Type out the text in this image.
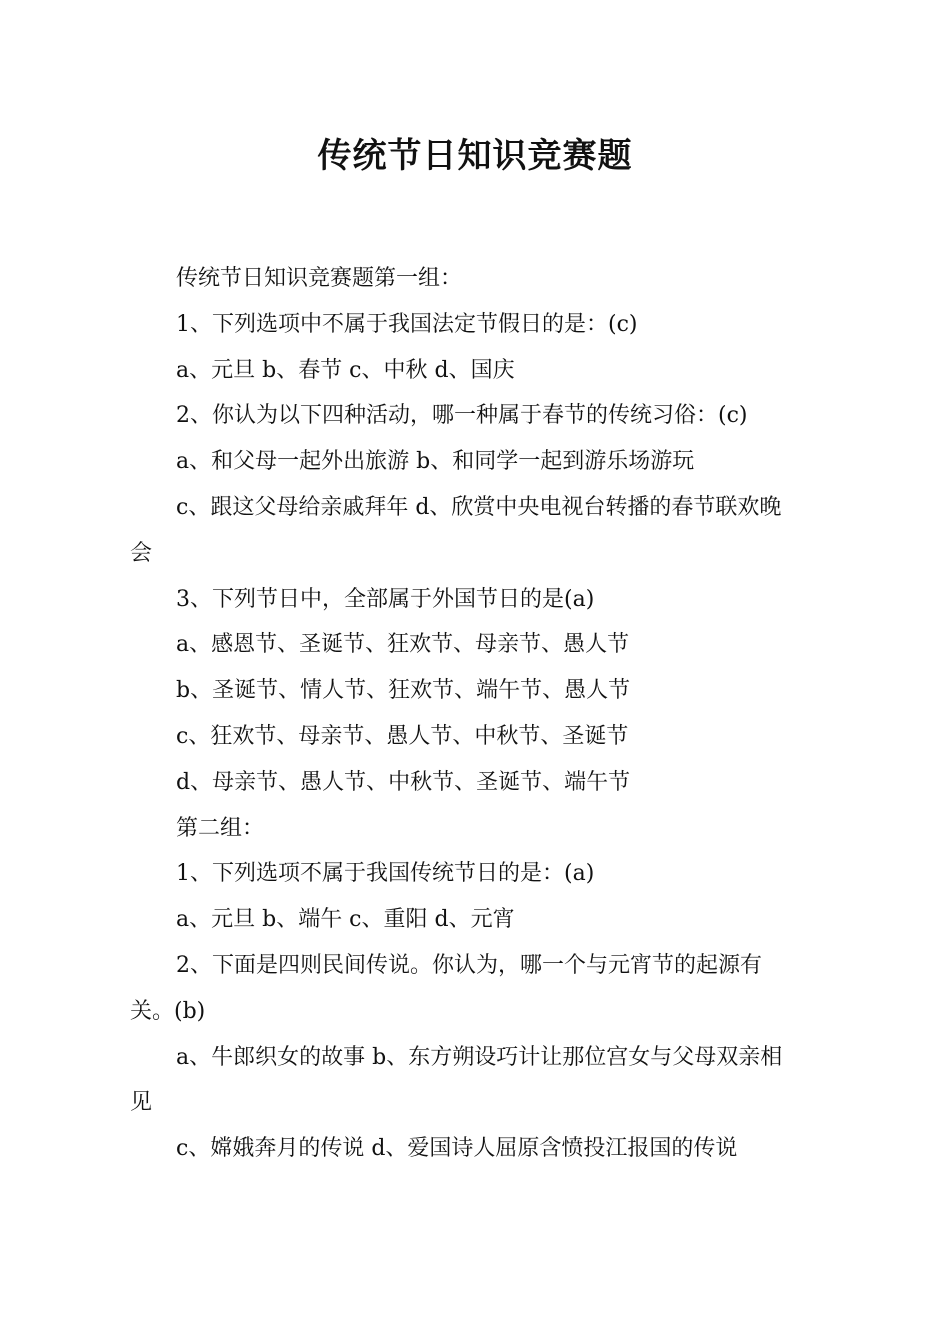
传统节日知识竞赛题

传统节日知识竞赛题第一组：

1、下列选项中不属于我国法定节假日的是：(c)

a、元旦 b、春节 c、中秋 d、国庆

2、你认为以下四种活动，哪一种属于春节的传统习俗：(c)

a、和父母一起外出旅游 b、和同学一起到游乐场游玩

c、跟这父母给亲戚拜年 d、欣赏中央电视台转播的春节联欢晚会

3、下列节日中，全部属于外国节日的是(a)

a、感恩节、圣诞节、狂欢节、母亲节、愚人节

b、圣诞节、情人节、狂欢节、端午节、愚人节

c、狂欢节、母亲节、愚人节、中秋节、圣诞节

d、母亲节、愚人节、中秋节、圣诞节、端午节

第二组：

1、下列选项不属于我国传统节日的是：(a)

a、元旦 b、端午 c、重阳 d、元宵

2、下面是四则民间传说。你认为，哪一个与元宵节的起源有关。(b)

a、牛郎织女的故事 b、东方朔设巧计让那位宫女与父母双亲相见

c、嫦娥奔月的传说 d、爱国诗人屈原含愤投江报国的传说
